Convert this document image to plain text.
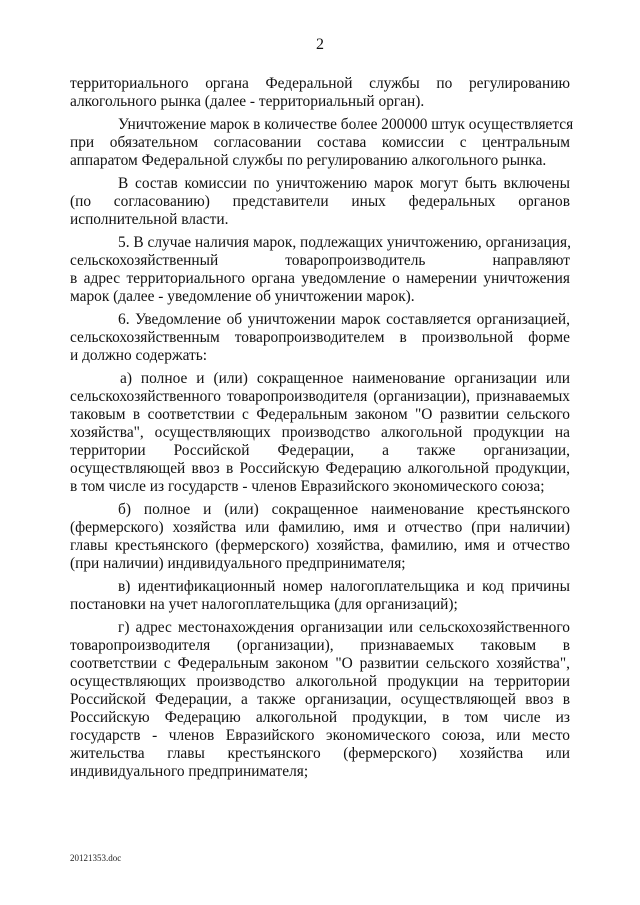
2
территориального органа Федеральной службы по регулированию
алкогольного рынка (далее - территориальный орган).
Уничтожение марок в количестве более 200000 штук осуществляется
при обязательном согласовании состава комиссии с центральным
аппаратом Федеральной службы по регулированию алкогольного рынка.
В состав комиссии по уничтожению марок могут быть включены
(по согласованию) представители иных федеральных органов
исполнительной власти.
5. В случае наличия марок, подлежащих уничтожению, организация,
сельскохозяйственный товаропроизводитель направляют
в адрес территориального органа уведомление о намерении уничтожения
марок (далее - уведомление об уничтожении марок).
6. Уведомление об уничтожении марок составляется организацией,
сельскохозяйственным товаропроизводителем в произвольной форме
и должно содержать:
а) полное и (или) сокращенное наименование организации или
сельскохозяйственного товаропроизводителя (организации), признаваемых
таковым в соответствии с Федеральным законом "О развитии сельского
хозяйства", осуществляющих производство алкогольной продукции на
территории Российской Федерации, а также организации,
осуществляющей ввоз в Российскую Федерацию алкогольной продукции,
в том числе из государств - членов Евразийского экономического союза;
б) полное и (или) сокращенное наименование крестьянского
(фермерского) хозяйства или фамилию, имя и отчество (при наличии)
главы крестьянского (фермерского) хозяйства, фамилию, имя и отчество
(при наличии) индивидуального предпринимателя;
в) идентификационный номер налогоплательщика и код причины
постановки на учет налогоплательщика (для организаций);
г) адрес местонахождения организации или сельскохозяйственного
товаропроизводителя (организации), признаваемых таковым в
соответствии с Федеральным законом "О развитии сельского хозяйства",
осуществляющих производство алкогольной продукции на территории
Российской Федерации, а также организации, осуществляющей ввоз в
Российскую Федерацию алкогольной продукции, в том числе из
государств - членов Евразийского экономического союза, или место
жительства главы крестьянского (фермерского) хозяйства или
индивидуального предпринимателя;
20121353.doc
